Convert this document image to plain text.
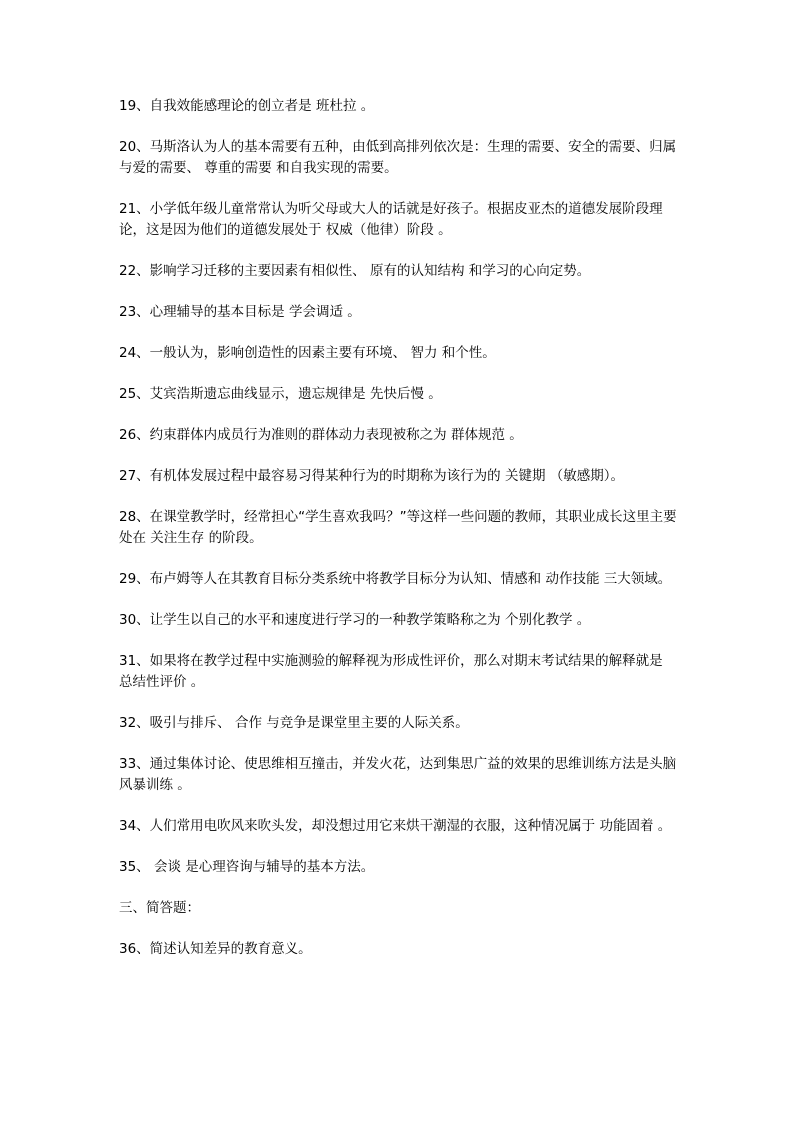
19、自我效能感理论的创立者是 班杜拉 。

20、马斯洛认为人的基本需要有五种，由低到高排列依次是：生理的需要、安全的需要、归属与爱的需要、 尊重的需要 和自我实现的需要。

21、小学低年级儿童常常认为听父母或大人的话就是好孩子。根据皮亚杰的道德发展阶段理论，这是因为他们的道德发展处于 权威（他律）阶段 。

22、影响学习迁移的主要因素有相似性、 原有的认知结构 和学习的心向定势。

23、心理辅导的基本目标是 学会调适 。

24、一般认为，影响创造性的因素主要有环境、 智力 和个性。

25、艾宾浩斯遗忘曲线显示，遗忘规律是 先快后慢 。

26、约束群体内成员行为准则的群体动力表现被称之为 群体规范 。

27、有机体发展过程中最容易习得某种行为的时期称为该行为的 关键期 （敏感期）。

28、在课堂教学时，经常担心“学生喜欢我吗？”等这样一些问题的教师，其职业成长这里主要处在 关注生存 的阶段。

29、布卢姆等人在其教育目标分类系统中将教学目标分为认知、情感和 动作技能 三大领域。

30、让学生以自己的水平和速度进行学习的一种教学策略称之为 个别化教学 。

31、如果将在教学过程中实施测验的解释视为形成性评价，那么对期末考试结果的解释就是 总结性评价 。

32、吸引与排斥、 合作 与竞争是课堂里主要的人际关系。

33、通过集体讨论、使思维相互撞击，并发火花，达到集思广益的效果的思维训练方法是头脑风暴训练 。

34、人们常用电吹风来吹头发，却没想过用它来烘干潮湿的衣服，这种情况属于 功能固着 。

35、 会谈 是心理咨询与辅导的基本方法。

三、简答题：

36、简述认知差异的教育意义。
